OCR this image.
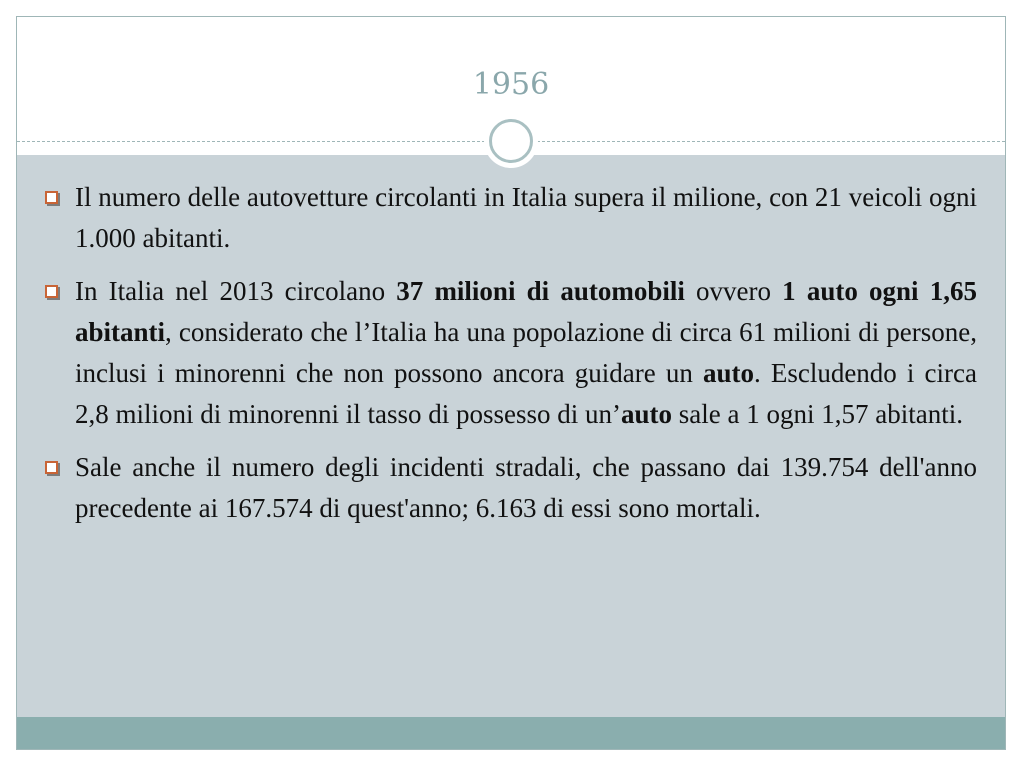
1956
Il numero delle autovetture circolanti in Italia supera il milione, con 21 veicoli ogni 1.000 abitanti.
In Italia nel 2013 circolano 37 milioni di automobili ovvero 1 auto ogni 1,65 abitanti, considerato che l’Italia ha una popolazione di circa 61 milioni di persone, inclusi i minorenni che non possono ancora guidare un auto. Escludendo i circa 2,8 milioni di minorenni il tasso di possesso di un’auto sale a 1 ogni 1,57 abitanti.
Sale anche il numero degli incidenti stradali, che passano dai 139.754 dell'anno precedente ai 167.574 di quest'anno; 6.163 di essi sono mortali.
